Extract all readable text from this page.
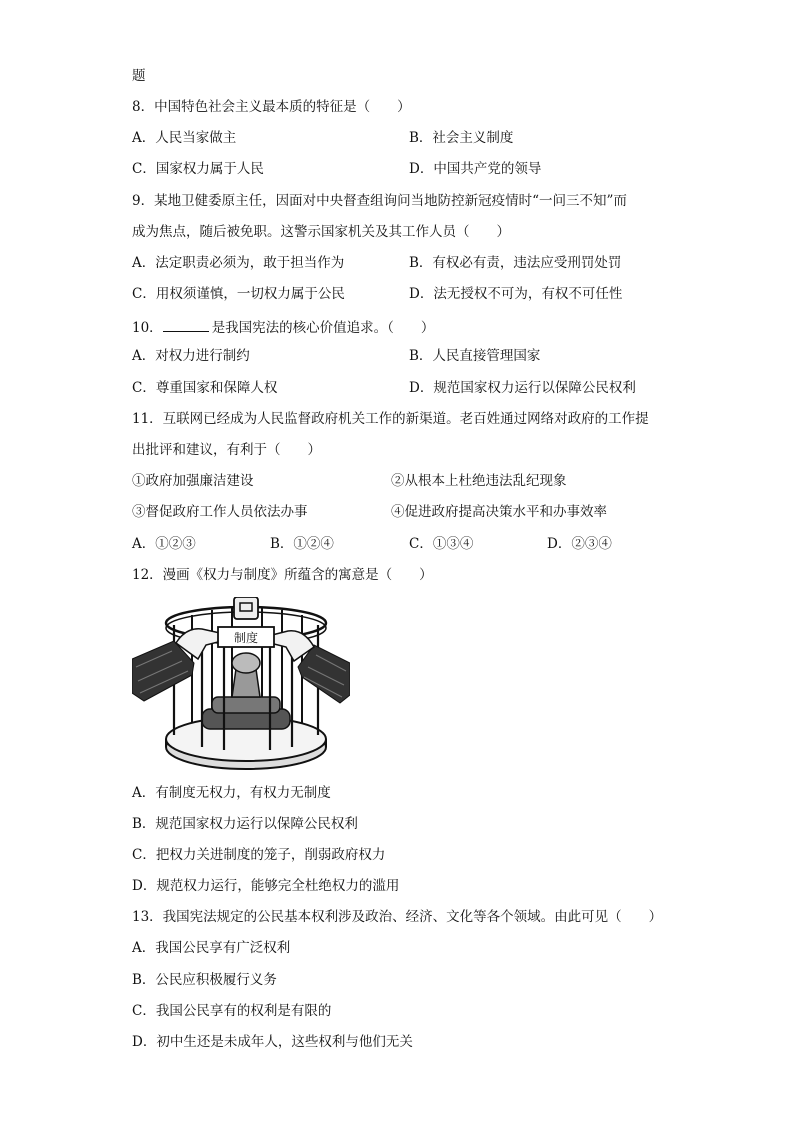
题
8．中国特色社会主义最本质的特征是（　　）
A．人民当家做主	B．社会主义制度
C．国家权力属于人民	D．中国共产党的领导
9．某地卫健委原主任，因面对中央督查组询问当地防控新冠疫情时“一问三不知”而
成为焦点，随后被免职。这警示国家机关及其工作人员（　　）
A．法定职责必须为，敢于担当作为	B．有权必有责，违法应受刑罚处罚
C．用权须谨慎，一切权力属于公民	D．法无授权不可为，有权不可任性
10．	是我国宪法的核心价值追求。（　　）
A．对权力进行制约	B．人民直接管理国家
C．尊重国家和保障人权	D．规范国家权力运行以保障公民权利
11．互联网已经成为人民监督政府机关工作的新渠道。老百姓通过网络对政府的工作提
出批评和建议，有利于（　　）
①政府加强廉洁建设	②从根本上杜绝违法乱纪现象
③督促政府工作人员依法办事	④促进政府提高决策水平和办事效率
A．①②③	B．①②④	C．①③④	D．②③④
12．漫画《权力与制度》所蕴含的寓意是（　　）
制度
A．有制度无权力，有权力无制度
B．规范国家权力运行以保障公民权利
C．把权力关进制度的笼子，削弱政府权力
D．规范权力运行，能够完全杜绝权力的滥用
13．我国宪法规定的公民基本权利涉及政治、经济、文化等各个领域。由此可见（　　）
A．我国公民享有广泛权利
B．公民应积极履行义务
C．我国公民享有的权利是有限的
D．初中生还是未成年人，这些权利与他们无关
